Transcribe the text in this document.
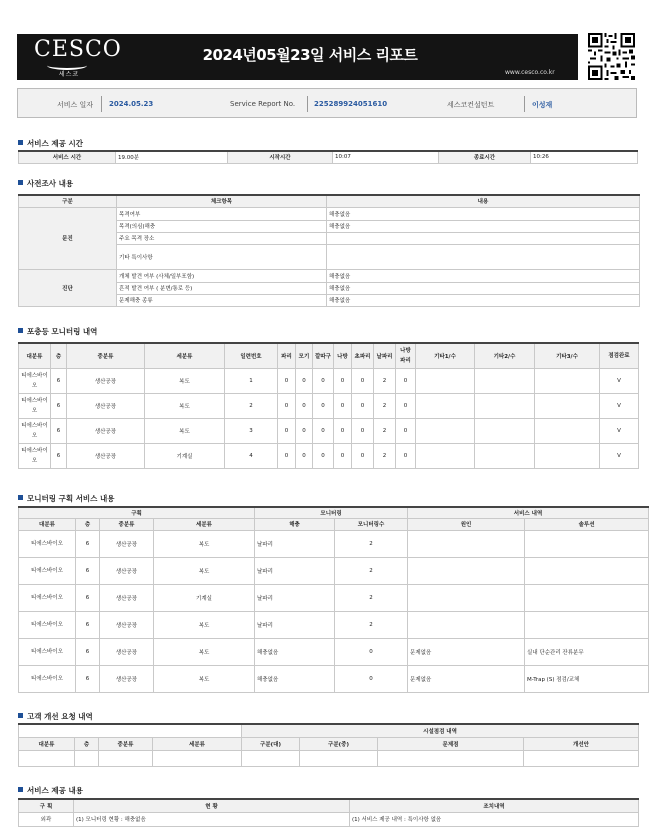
CESCO
세스코
2024년05월23일 서비스 리포트
www.cesco.co.kr
서비스 일자 2024.05.23	Service Report No.	225289924051610	세스코컨설턴트	이성재
서비스 제공 시간
서비스 시간	19.00분	시작시간	10:07	종료시간	10:26
사전조사 내용
구분	체크항목	내용
문진	목격여부	해충없음
	목격(의심)해충	해충없음
	주요 목격 장소	
	기타 특이사항	
진단	개체 발견 여부 (사체/일부포함)	해충없음
	흔적 발견 여부 ( 분변/통로 등)	해충없음
	문제해충 종류	해충없음
포충등 모니터링 내역
대분류	층	중분류	세분류	일련번호	파리	모기	깔따구	나방	초파리	날파리	나방파리	기타1/수	기타2/수	기타3/수	점검완료
티에스바이오	6	생산공장	복도	1	0	0	0	0	0	2	0				V
티에스바이오	6	생산공장	복도	2	0	0	0	0	0	2	0				V
티에스바이오	6	생산공장	복도	3	0	0	0	0	0	2	0				V
티에스바이오	6	생산공장	기계실	4	0	0	0	0	0	2	0				V
모니터링 구획 서비스 내용
구획				모니터링		서비스 내역	
대분류	층	중분류	세분류	해충	모니터링수	원인	솔루션
티에스바이오	6	생산공장	복도	날파리	2		
티에스바이오	6	생산공장	복도	날파리	2		
티에스바이오	6	생산공장	기계실	날파리	2		
티에스바이오	6	생산공장	복도	날파리	2		
티에스바이오	6	생산공장	복도	해충없음	0	문제없음	실내 단순관리 잔류분무
티에스바이오	6	생산공장	복도	해충없음	0	문제없음	M-Trap (S) 점검/교체
고객 개선 요청 내역
				시설점검 내역			
대분류	층	중분류	세분류	구분(대)	구분(중)	문제점	개선안

서비스 제공 내용
구 획	현 황	조치내역
외곽	(1) 모니터링 현황 : 해충없음	(1) 서비스 제공 내역 : 특이사항 없음
